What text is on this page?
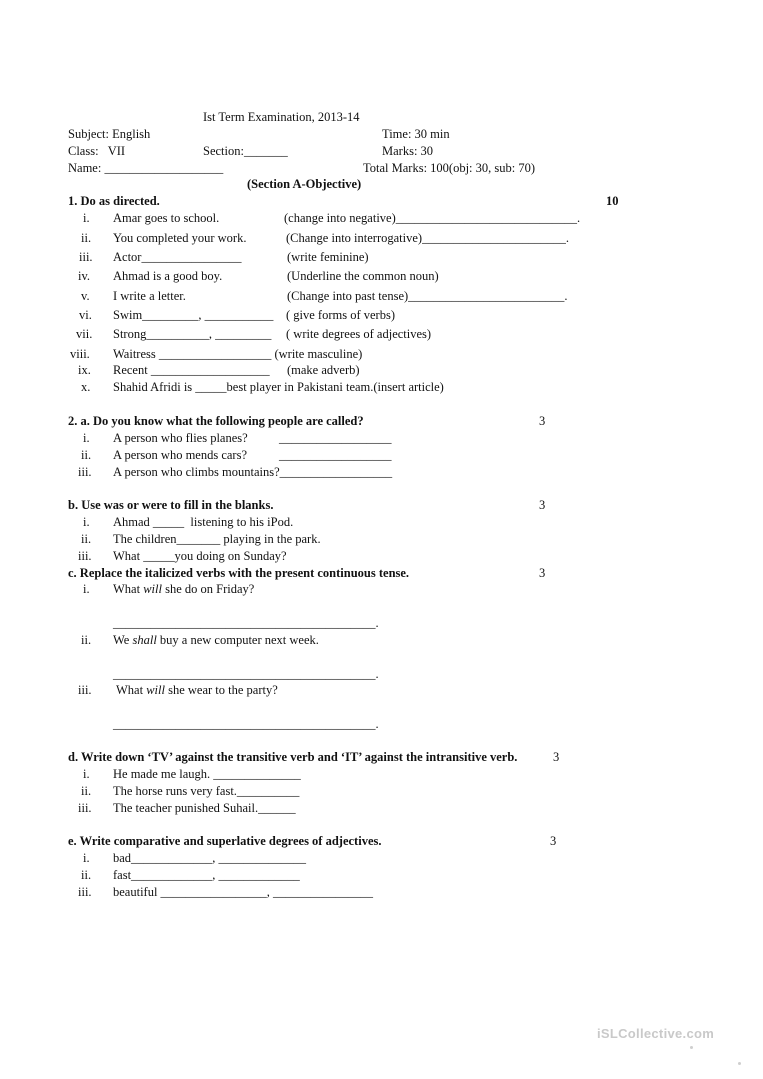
Ist Term Examination, 2013-14
Subject: English	Time: 30 min
Class:   VII	Section:_______	Marks: 30
Name: ___________________	Total Marks: 100(obj: 30, sub: 70)
(Section A-Objective)
1. Do as directed.	10
i. Amar goes to school.	(change into negative)_____________________________.
ii. You completed your work.	(Change into interrogative)_______________________.
iii. Actor________________	(write feminine)
iv. Ahmad is a good boy.	(Underline the common noun)
v. I write a letter.	(Change into past tense)_________________________.
vi. Swim_________, ___________ ( give forms of verbs)
vii. Strong__________, _________ ( write degrees of adjectives)
viii. Waitress __________________ (write masculine)
ix. Recent ___________________ (make adverb)
x. Shahid Afridi is _____best player in Pakistani team.(insert article)
2. a. Do you know what the following people are called?	3
i. A person who flies planes?	__________________
ii. A person who mends cars?	__________________
iii. A person who climbs mountains?__________________
b. Use was or were to fill in the blanks.	3
i. Ahmad _____  listening to his iPod.
ii. The children_______ playing in the park.
iii. What _____you doing on Sunday?
c. Replace the italicized verbs with the present continuous tense.	3
i. What will she do on Friday?
__________________________________________.
ii. We shall buy a new computer next week.
__________________________________________.
iii. What will she wear to the party?
__________________________________________.
d. Write down ‘TV’ against the transitive verb and ‘IT’ against the intransitive verb.	3
i. He made me laugh. ______________
ii. The horse runs very fast.__________
iii. The teacher punished Suhail.______
e. Write comparative and superlative degrees of adjectives.	3
i. bad_____________, ______________
ii. fast_____________, _____________
iii. beautiful _________________, ________________
iSLCollective.com
